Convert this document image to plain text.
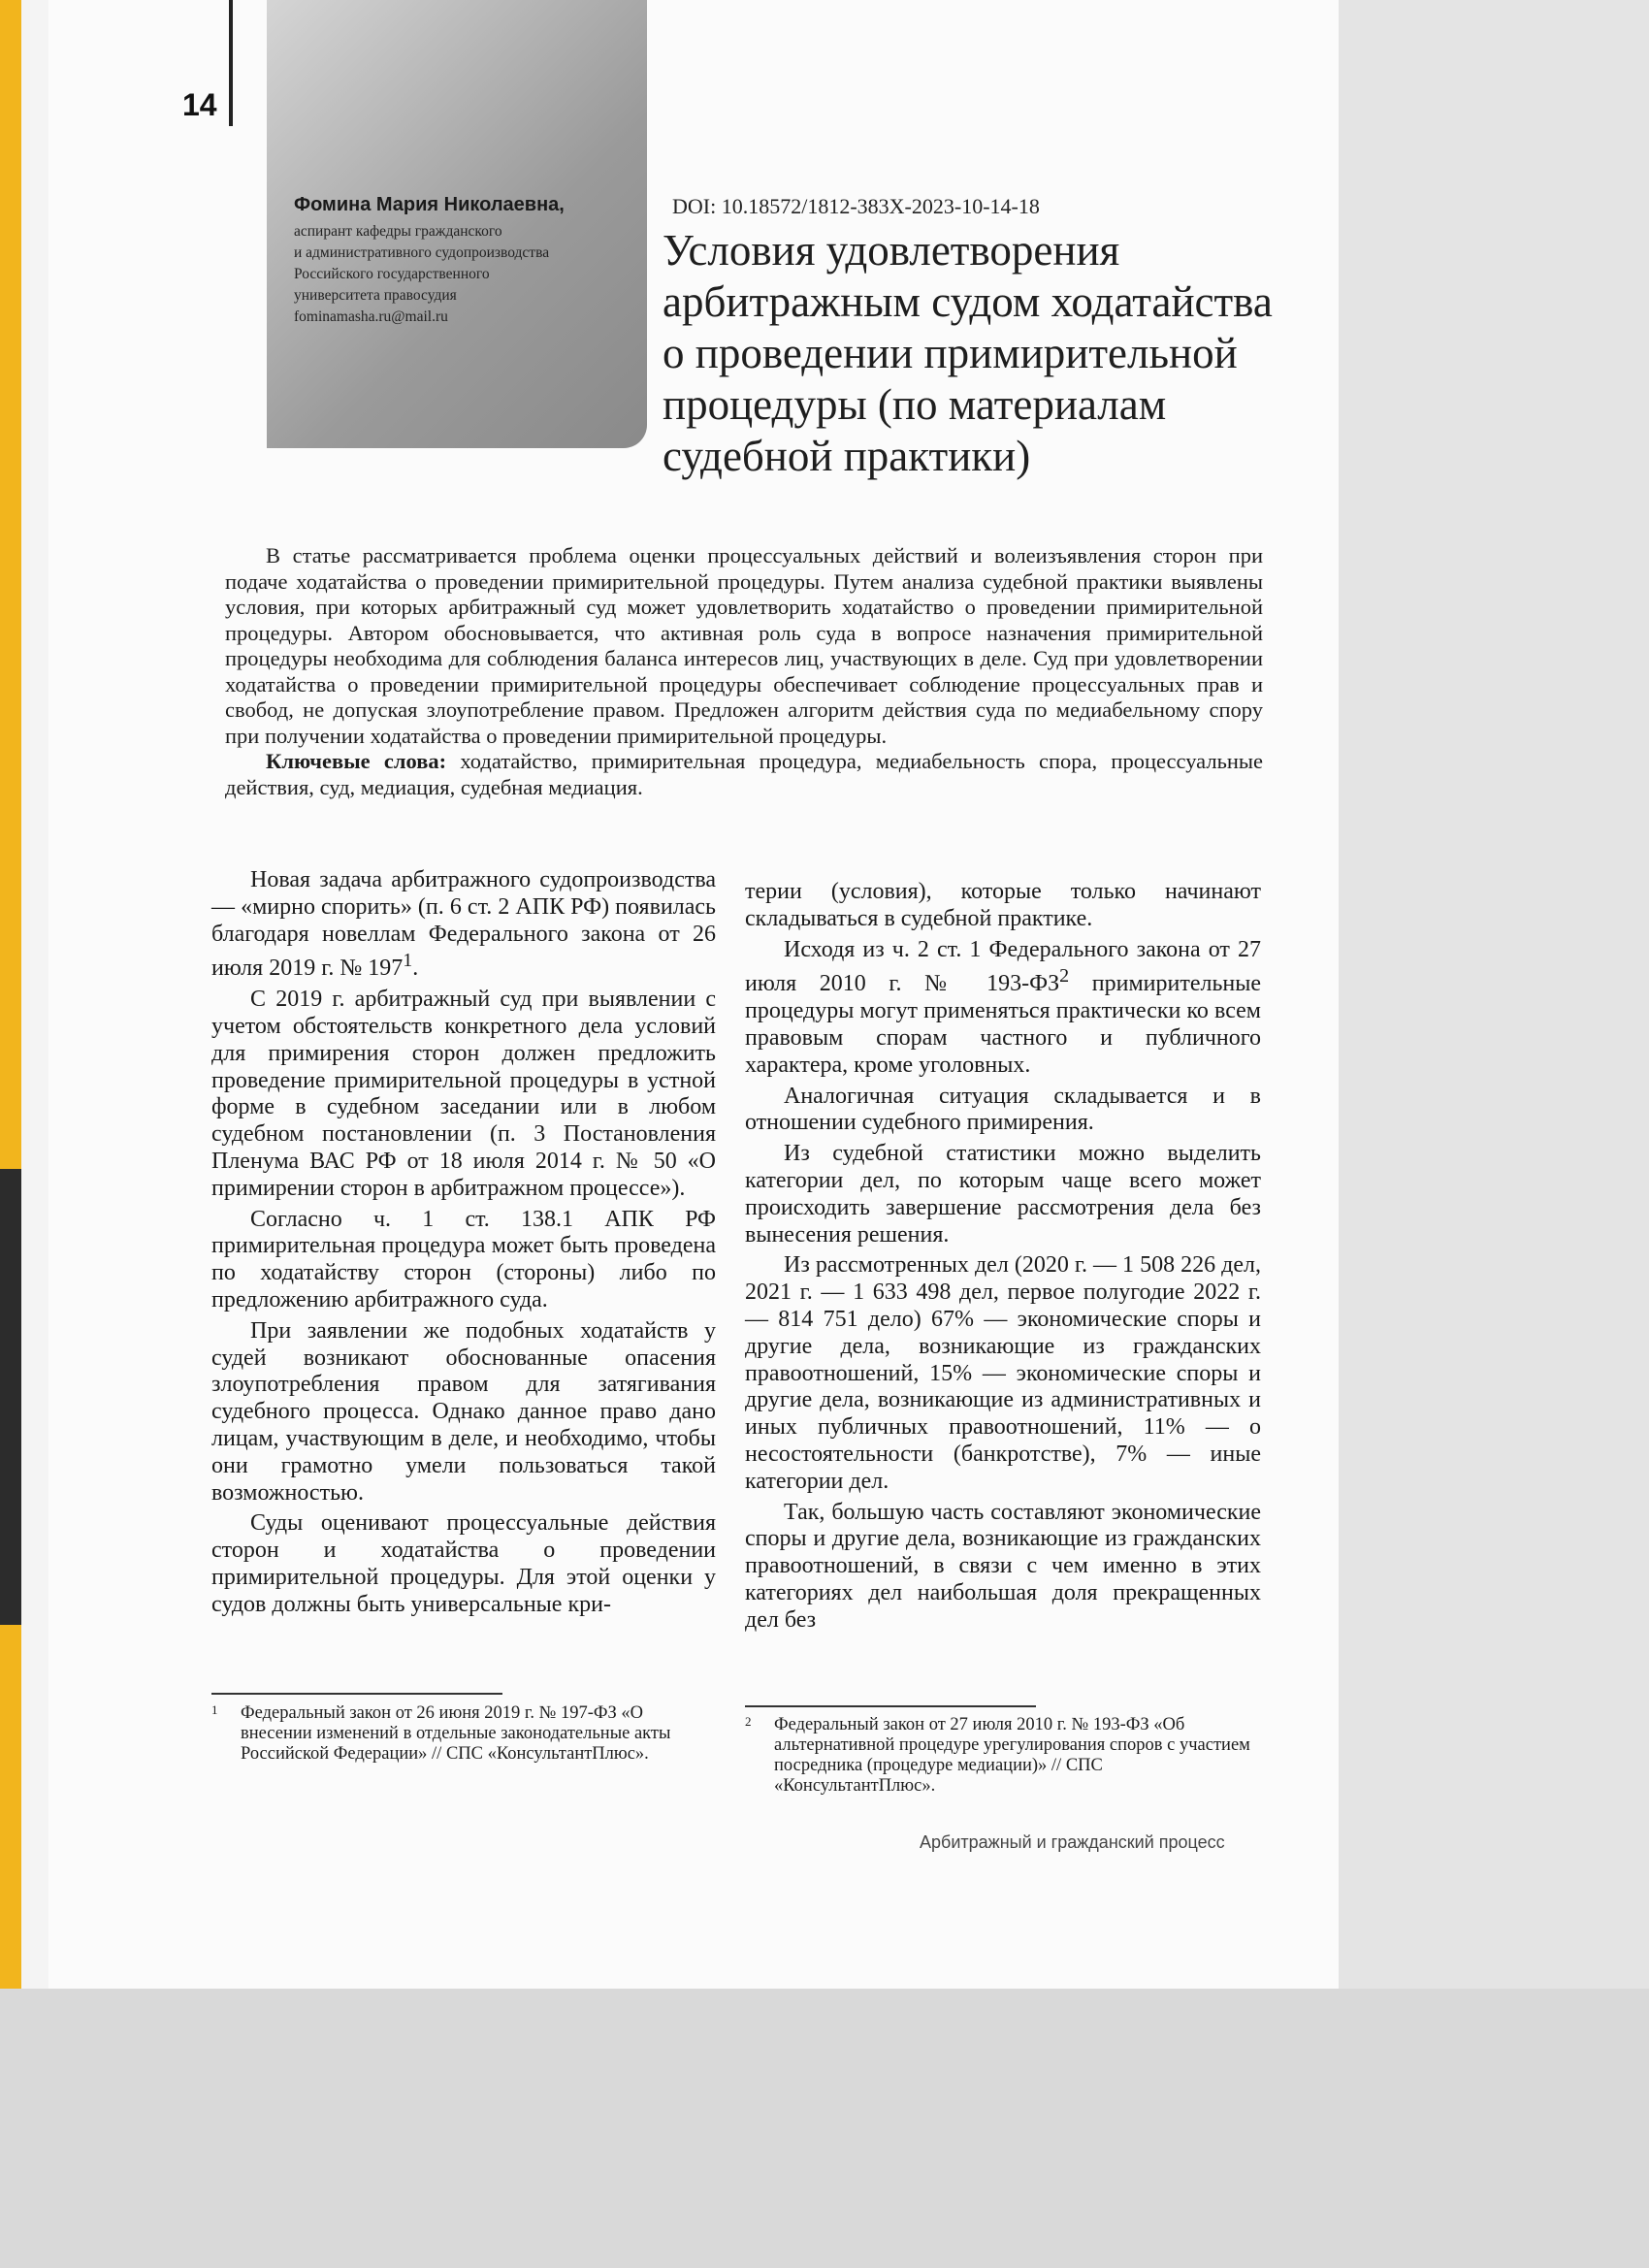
14
Фомина Мария Николаевна,
аспирант кафедры гражданского
и административного судопроизводства
Российского государственного
университета правосудия
fominamasha.ru@mail.ru
DOI: 10.18572/1812-383X-2023-10-14-18
Условия удовлетворения
арбитражным судом ходатайства
о проведении примирительной
процедуры (по материалам
судебной практики)

В статье рассматривается проблема оценки процессуальных действий и волеизъявления сторон при подаче ходатайства о проведении примирительной процедуры. Путем анализа судебной практики выявлены условия, при которых арбитражный суд может удовлетворить ходатайство о проведении примирительной процедуры. Автором обосновывается, что активная роль суда в вопросе назначения примирительной процедуры необходима для соблюдения баланса интересов лиц, участвующих в деле. Суд при удовлетворении ходатайства о проведении примирительной процедуры обеспечивает соблюдение процессуальных прав и свобод, не допуская злоупотребление правом. Предложен алгоритм действия суда по медиабельному спору при получении ходатайства о проведении примирительной процедуры.

Ключевые слова: ходатайство, примирительная процедура, медиабельность спора, процессуальные действия, суд, медиация, судебная медиация.

Новая задача арбитражного судопроизводства — «мирно спорить» (п. 6 ст. 2 АПК РФ) появилась благодаря новеллам Федерального закона от 26 июля 2019 г. № $197^1$.

С 2019 г. арбитражный суд при выявлении с учетом обстоятельств конкретного дела условий для примирения сторон должен предложить проведение примирительной процедуры в устной форме в судебном заседании или в любом судебном постановлении (п. 3 Постановления Пленума ВАС РФ от 18 июля 2014 г. № 50 «О примирении сторон в арбитражном процессе»).

Согласно ч. 1 ст. 138.1 АПК РФ примирительная процедура может быть проведена по ходатайству сторон (стороны) либо по предложению арбитражного суда.

При заявлении же подобных ходатайств у судей возникают обоснованные опасения злоупотребления правом для затягивания судебного процесса. Однако данное право дано лицам, участвующим в деле, и необходимо, чтобы они грамотно умели пользоваться такой возможностью.

Суды оценивают процессуальные действия сторон и ходатайства о проведении примирительной процедуры. Для этой оценки у судов должны быть универсальные кри-

терии (условия), которые только начинают складываться в судебной практике.

Исходя из ч. 2 ст. 1 Федерального закона от 27 июля 2010 г. № $193-ФЗ^2$ примирительные процедуры могут применяться практически ко всем правовым спорам частного и публичного характера, кроме уголовных.

Аналогичная ситуация складывается и в отношении судебного примирения.

Из судебной статистики можно выделить категории дел, по которым чаще всего может происходить завершение рассмотрения дела без вынесения решения.

Из рассмотренных дел (2020 г. — 1 508 226 дел, 2021 г. — 1 633 498 дел, первое полугодие 2022 г. — 814 751 дело) 67% — экономические споры и другие дела, возникающие из гражданских правоотношений, 15% — экономические споры и другие дела, возникающие из административных и иных публичных правоотношений, 11% — о несостоятельности (банкротстве), 7% — иные категории дел.

Так, большую часть составляют экономические споры и другие дела, возникающие из гражданских правоотношений, в связи с чем именно в этих категориях дел наибольшая доля прекращенных дел без

1 Федеральный закон от 26 июня 2019 г. № 197-ФЗ «О внесении изменений в отдельные законодательные акты Российской Федерации» // СПС «КонсультантПлюс».
2 Федеральный закон от 27 июля 2010 г. № 193-ФЗ «Об альтернативной процедуре урегулирования споров с участием посредника (процедуре медиации)» // СПС «КонсультантПлюс».
Арбитражный и гражданский процесс
